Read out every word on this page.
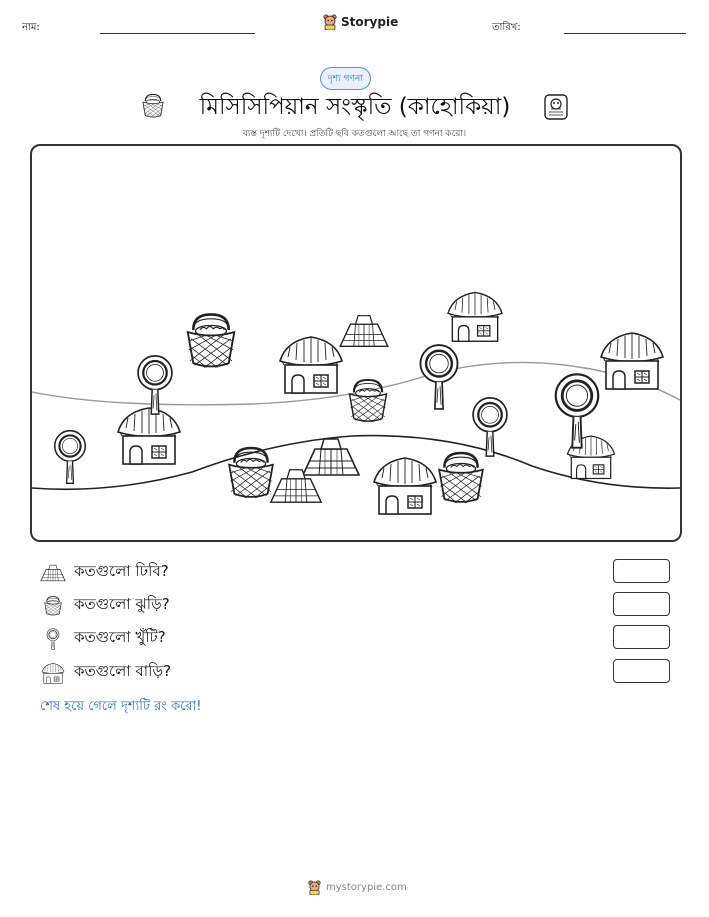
নাম:	Storypie	তারিখ:
দৃশ্য গণনা
মিসিসিপিয়ান সংস্কৃতি (কাহোকিয়া)
ব্যস্ত দৃশ্যটি দেখো। প্রতিটি ছবি কতগুলো আছে তা গণনা করো।
কতগুলো ঢিবি?
কতগুলো ঝুড়ি?
কতগুলো খুঁটি?
কতগুলো বাড়ি?
শেষ হয়ে গেলে দৃশ্যটি রং করো!
mystorypie.com
